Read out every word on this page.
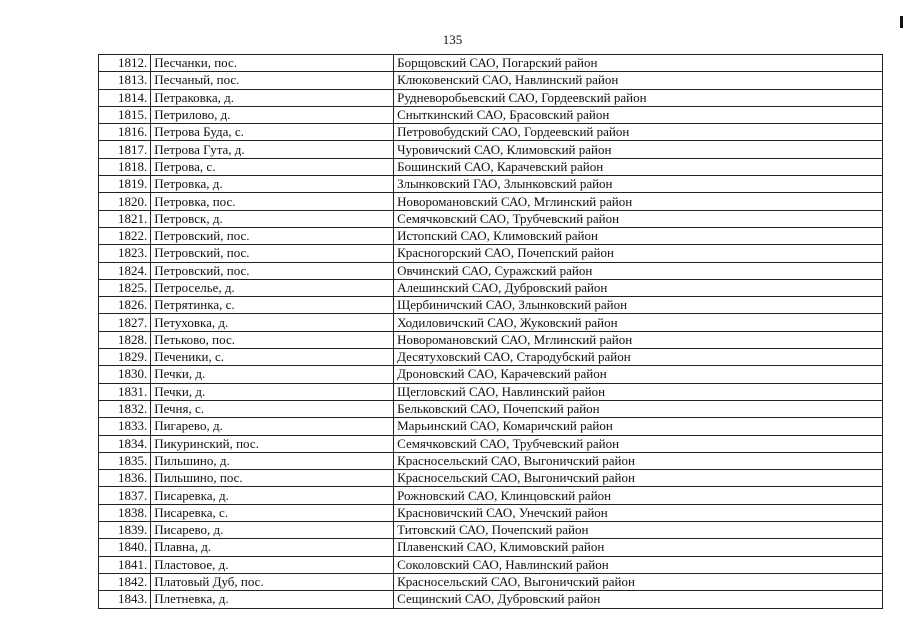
135
1812.	Песчанки, пос.	Борщовский САО, Погарский район
1813.	Песчаный, пос.	Клюковенский САО, Навлинский район
1814.	Петраковка, д.	Рудневоробьевский САО, Гордеевский район
1815.	Петрилово, д.	Снытки​нский САО, Брасовский район
1816.	Петрова Буда, с.	Петровобудский САО, Гордеевский район
1817.	Петрова Гута, д.	Чуровичский САО, Климовский район
1818.	Петрова, с.	Бошинский САО, Карачевский район
1819.	Петровка, д.	Злынковский ГАО, Злынковский район
1820.	Петровка, пос.	Новоромановский САО, Мглинский район
1821.	Петровск, д.	Семячковский САО, Трубчевский район
1822.	Петровский, пос.	Истопский САО, Климовский район
1823.	Петровский, пос.	Красногорский САО, Почепский район
1824.	Петровский, пос.	Овчинский САО, Суражский район
1825.	Петроселье, д.	Алешинский САО, Дубровский район
1826.	Петрятинка, с.	Щербиничский САО, Злынковский район
1827.	Петуховка, д.	Ходиловичский САО, Жуковский район
1828.	Петьково, пос.	Новоромановский САО, Мглинский район
1829.	Печеники, с.	Десятуховский САО, Стародубский район
1830.	Печки, д.	Дроновский САО, Карачевский район
1831.	Печки, д.	Щегловский САО, Навлинский район
1832.	Печня, с.	Бельковский САО, Почепский район
1833.	Пигарево, д.	Марьинский САО, Комаричский район
1834.	Пикуринский, пос.	Семячковский САО, Трубчевский район
1835.	Пильшино, д.	Красносельский САО, Выгоничский район
1836.	Пильшино, пос.	Красносельский САО, Выгоничский район
1837.	Писаревка, д.	Рожновский САО, Клинцовский район
1838.	Писаревка, с.	Красновичский САО, Унечский район
1839.	Писарево, д.	Титовский САО, Почепский район
1840.	Плавна, д.	Плавенский САО, Климовский район
1841.	Пластовое, д.	Соколовский САО, Навлинский район
1842.	Платовый Дуб, пос.	Красносельский САО, Выгоничский район
1843.	Плетневка, д.	Сещинский САО, Дубровский район
